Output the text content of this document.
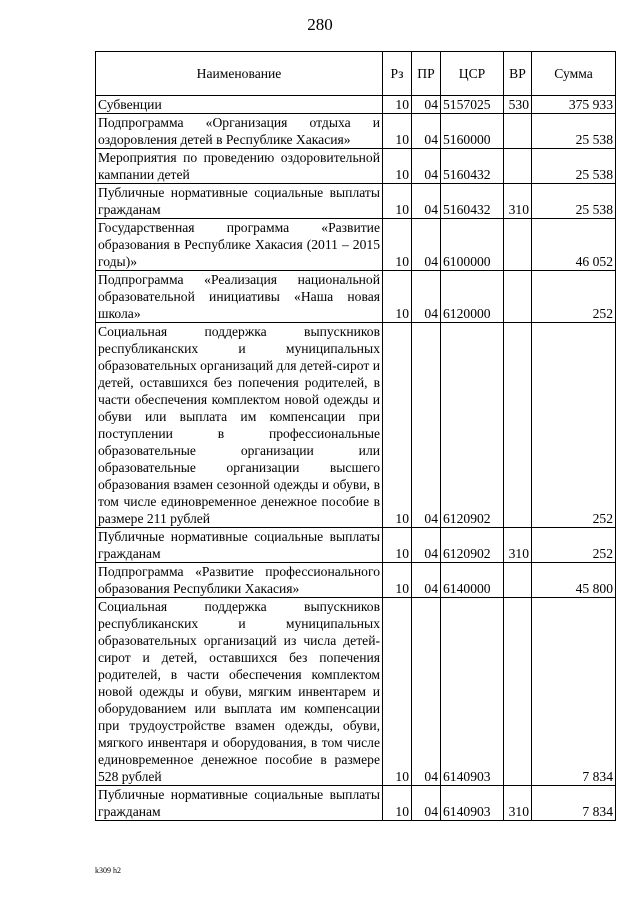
280
Наименование	Рз	ПР	ЦСР	ВР	Сумма
Субвенции	10	04	5157025	530	375 933
Подпрограмма «Организация отдыха и оздоровления детей в Республике Хакасия»	10	04	5160000		25 538
Мероприятия по проведению оздоровительной кампании детей	10	04	5160432		25 538
Публичные нормативные социальные выплаты гражданам	10	04	5160432	310	25 538
Государственная программа «Развитие образования в Республике Хакасия (2011 – 2015 годы)»	10	04	6100000		46 052
Подпрограмма «Реализация национальной образовательной инициативы «Наша новая школа»	10	04	6120000		252
Социальная поддержка выпускников республиканских и муниципальных образовательных организаций для детей-сирот и детей, оставшихся без попечения родителей, в части обеспечения комплектом новой одежды и обуви или выплата им компенсации при поступлении в профессиональные образовательные организации или образовательные организации высшего образования взамен сезонной одежды и обуви, в том числе единовременное денежное пособие в размере 211 рублей	10	04	6120902		252
Публичные нормативные социальные выплаты гражданам	10	04	6120902	310	252
Подпрограмма «Развитие профессионального образования Республики Хакасия»	10	04	6140000		45 800
Социальная поддержка выпускников республиканских и муниципальных образовательных организаций из числа детей-сирот и детей, оставшихся без попечения родителей, в части обеспечения комплектом новой одежды и обуви, мягким инвентарем и оборудованием или выплата им компенсации при трудоустройстве взамен одежды, обуви, мягкого инвентаря и оборудования, в том числе единовременное денежное пособие в размере 528 рублей	10	04	6140903		7 834
Публичные нормативные социальные выплаты гражданам	10	04	6140903	310	7 834
k309 h2
